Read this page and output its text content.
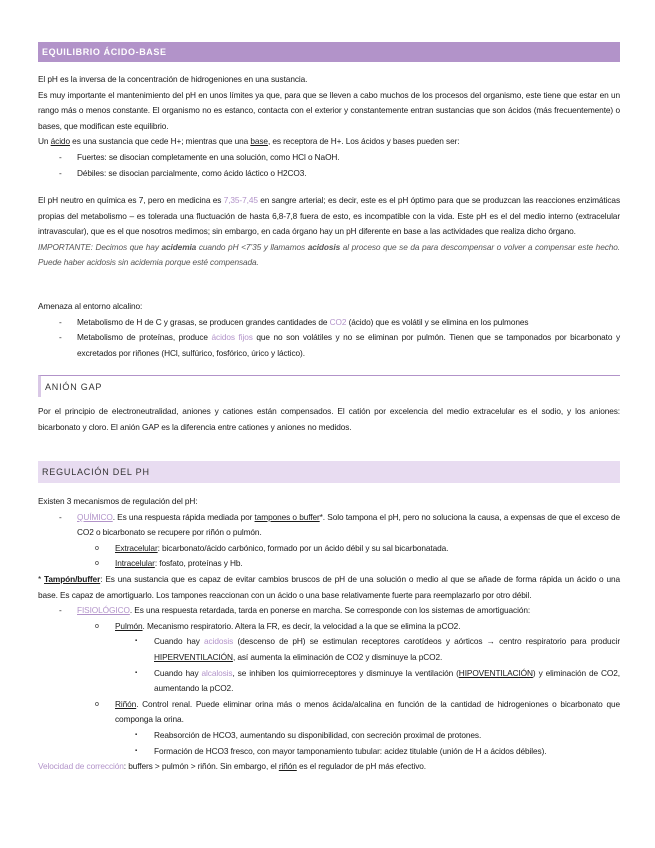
EQUILIBRIO ÁCIDO-BASE

El pH es la inversa de la concentración de hidrogeniones en una sustancia.

Es muy importante el mantenimiento del pH en unos límites ya que, para que se lleven a cabo muchos de los procesos del organismo, este tiene que estar en un rango más o menos constante. El organismo no es estanco, contacta con el exterior y constantemente entran sustancias que son ácidos (más frecuentemente) o bases, que modifican este equilibrio.

Un ácido es una sustancia que cede H+; mientras que una base, es receptora de H+. Los ácidos y bases pueden ser:

- Fuertes: se disocian completamente en una solución, como HCl o NaOH.
- Débiles: se disocian parcialmente, como ácido láctico o H2CO3.

El pH neutro en química es 7, pero en medicina es 7,35-7,45 en sangre arterial; es decir, este es el pH óptimo para que se produzcan las reacciones enzimáticas propias del metabolismo – es tolerada una fluctuación de hasta 6,8-7,8 fuera de esto, es incompatible con la vida. Este pH es el del medio interno (extracelular intravascular), que es el que nosotros medimos; sin embargo, en cada órgano hay un pH diferente en base a las actividades que realiza dicho órgano.

IMPORTANTE: Decimos que hay acidemia cuando pH <7’35 y llamamos acidosis al proceso que se da para descompensar o volver a compensar este hecho. Puede haber acidosis sin acidemia porque esté compensada.

Amenaza al entorno alcalino:

- Metabolismo de H de C y grasas, se producen grandes cantidades de CO2 (ácido) que es volátil y se elimina en los pulmones
- Metabolismo de proteínas, produce ácidos fijos que no son volátiles y no se eliminan por pulmón. Tienen que se tamponados por bicarbonato y excretados por riñones (HCl, sulfúrico, fosfórico, úrico y láctico).
ANIÓN GAP

Por el principio de electroneutralidad, aniones y cationes están compensados. El catión por excelencia del medio extracelular es el sodio, y los aniones: bicarbonato y cloro. El anión GAP es la diferencia entre cationes y aniones no medidos.

REGULACIÓN DEL PH

Existen 3 mecanismos de regulación del pH:

- QUÍMICO. Es una respuesta rápida mediada por tampones o buffer*. Solo tampona el pH, pero no soluciona la causa, a expensas de que el exceso de CO2 o bicarbonato se recupere por riñón o pulmón.
o Extracelular: bicarbonato/ácido carbónico, formado por un ácido débil y su sal bicarbonatada.
o Intracelular: fosfato, proteínas y Hb.

* Tampón/buffer: Es una sustancia que es capaz de evitar cambios bruscos de pH de una solución o medio al que se añade de forma rápida un ácido o una base. Es capaz de amortiguarlo. Los tampones reaccionan con un ácido o una base relativamente fuerte para reemplazarlo por otro débil.

- FISIOLÓGICO. Es una respuesta retardada, tarda en ponerse en marcha. Se corresponde con los sistemas de amortiguación:
o Pulmón. Mecanismo respiratorio. Altera la FR, es decir, la velocidad a la que se elimina la pCO2.
▪ Cuando hay acidosis (descenso de pH) se estimulan receptores carotídeos y aórticos → centro respiratorio para producir HIPERVENTILACIÓN, así aumenta la eliminación de CO2 y disminuye la pCO2.
▪ Cuando hay alcalosis, se inhiben los quimiorreceptores y disminuye la ventilación (HIPOVENTILACIÓN) y eliminación de CO2, aumentando la pCO2.
o Riñón. Control renal. Puede eliminar orina más o menos ácida/alcalina en función de la cantidad de hidrogeniones o bicarbonato que componga la orina.
▪ Reabsorción de HCO3, aumentando su disponibilidad, con secreción proximal de protones.
▪ Formación de HCO3 fresco, con mayor tamponamiento tubular: acidez titulable (unión de H a ácidos débiles).

Velocidad de corrección: buffers > pulmón > riñón. Sin embargo, el riñón es el regulador de pH más efectivo.
